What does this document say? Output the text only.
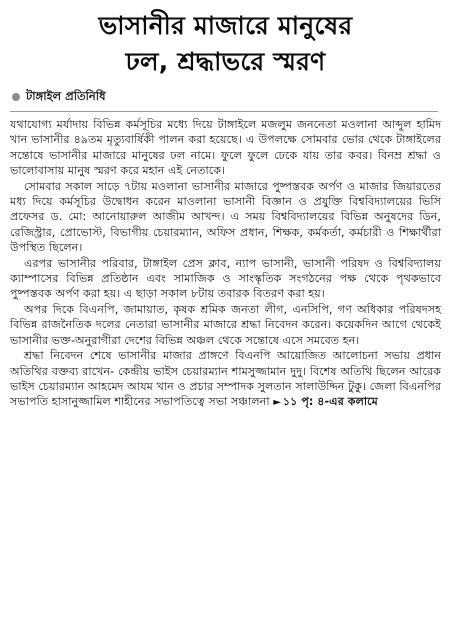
ভাসানীর মাজারে মানুষের
ঢল, শ্রদ্ধাভরে স্মরণ
টাঙ্গাইল প্রতিনিধি

যথাযোগ্য মর্যাদায় বিভিন্ন কর্মসূচির মধ্যে দিয়ে টাঙ্গাইলে মজলুম জননেতা মওলানা আব্দুল হামিদ খান ভাসানীর ৪৯তম মৃত্যুবার্ষিকী পালন করা হয়েছে। এ উপলক্ষে সোমবার ভোর থেকে টাঙ্গাইলের সন্তোষে ভাসানীর মাজারে মানুষের ঢল নামে। ফুলে ফুলে ঢেকে যায় তার কবর। বিনম্র শ্রদ্ধা ও ভালোবাসায় মানুষ স্মরণ করে মহান এই নেতাকে।

সোমবার সকাল সাড়ে ৭টায় মওলানা ভাসানীর মাজারে পুষ্পস্তবক অর্পণ ও মাজার জিয়ারতের মধ্য দিয়ে কর্মসূচির উদ্বোধন করেন মাওলানা ভাসানী বিজ্ঞান ও প্রযুক্তি বিশ্ববিদ্যালয়ের ভিসি প্রফেসর ড. মো: আনোয়ারুল আজীম আখন্দ। এ সময় বিশ্ববিদ্যালয়ের বিভিন্ন অনুষদের ডিন, রেজিস্ট্রার, প্রোভোস্ট, বিভাগীয় চেয়ারম্যান, অফিস প্রধান, শিক্ষক, কর্মকর্তা, কর্মচারী ও শিক্ষার্থীরা উপস্থিত ছিলেন।

এরপর ভাসানীর পরিবার, টাঙ্গাইল প্রেস ক্লাব, ন্যাপ ভাসানী, ভাসানী পরিষদ ও বিশ্ববিদ্যালয় ক্যাম্পাসের বিভিন্ন প্রতিষ্ঠান এবং সামাজিক ও সাংস্কৃতিক সংগঠনের পক্ষ থেকে পৃথকভাবে পুষ্পস্তবক অর্পণ করা হয়। এ ছাড়া সকাল ৮টায় তবারক বিতরণ করা হয়।

অপর দিকে বিএনপি, জামায়াত, কৃষক শ্রমিক জনতা লীগ, এনসিপি, গণ অধিকার পরিষদসহ বিভিন্ন রাজনৈতিক দলের নেতারা ভাসানীর মাজারে শ্রদ্ধা নিবেদন করেন। কয়েকদিন আগে থেকেই ভাসানীর ভক্ত-অনুরাগীরা দেশের বিভিন্ন অঞ্চল থেকে সন্তোষে এসে সমবেত হন।

শ্রদ্ধা নিবেদন শেষে ভাসানীর মাজার প্রাঙ্গণে বিএনপি আয়োজিত আলোচনা সভায় প্রধান অতিথির বক্তব্য রাখেন- কেন্দ্রীয় ভাইস চেয়ারম্যান শামসুজ্জামান দুদু। বিশেষ অতিথি ছিলেন আরেক ভাইস চেয়ারম্যান আহমেদ আযম খান ও প্রচার সম্পাদক সুলতান সালাউদ্দিন টুকু। জেলা বিএনপির সভাপতি হাসানুজ্জামিল শাহীনের সভাপতিত্বে সভা সঞ্চালনা ► ১১ পৃ: ৪-এর কলামে
